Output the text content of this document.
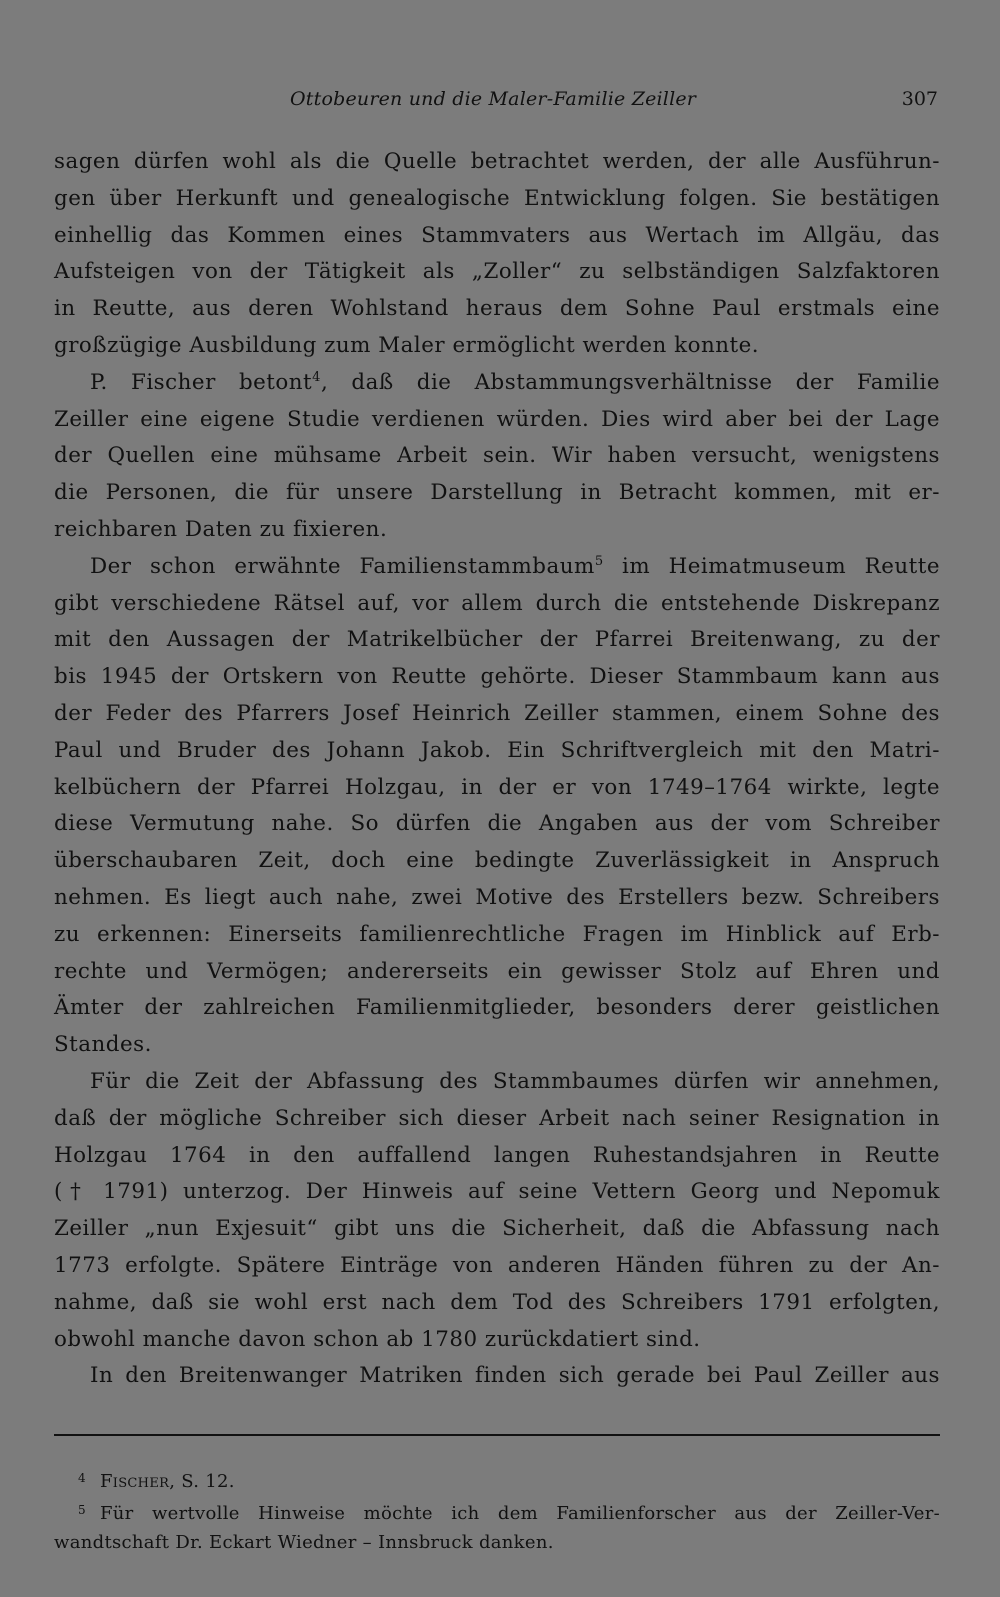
Ottobeuren und die Maler-Familie Zeiller	307
sagen dürfen wohl als die Quelle betrachtet werden, der alle Ausführun-
gen über Herkunft und genealogische Entwicklung folgen. Sie bestätigen
einhellig das Kommen eines Stammvaters aus Wertach im Allgäu, das
Aufsteigen von der Tätigkeit als „Zoller“ zu selbständigen Salzfaktoren
in Reutte, aus deren Wohlstand heraus dem Sohne Paul erstmals eine
großzügige Ausbildung zum Maler ermöglicht werden konnte.
P. Fischer betont$^4$, daß die Abstammungsverhältnisse der Familie
Zeiller eine eigene Studie verdienen würden. Dies wird aber bei der Lage
der Quellen eine mühsame Arbeit sein. Wir haben versucht, wenigstens
die Personen, die für unsere Darstellung in Betracht kommen, mit er-
reichbaren Daten zu fixieren.
Der schon erwähnte Familienstammbaum$^5$ im Heimatmuseum Reutte
gibt verschiedene Rätsel auf, vor allem durch die entstehende Diskrepanz
mit den Aussagen der Matrikelbücher der Pfarrei Breitenwang, zu der
bis 1945 der Ortskern von Reutte gehörte. Dieser Stammbaum kann aus
der Feder des Pfarrers Josef Heinrich Zeiller stammen, einem Sohne des
Paul und Bruder des Johann Jakob. Ein Schriftvergleich mit den Matri-
kelbüchern der Pfarrei Holzgau, in der er von 1749–1764 wirkte, legte
diese Vermutung nahe. So dürfen die Angaben aus der vom Schreiber
überschaubaren Zeit, doch eine bedingte Zuverlässigkeit in Anspruch
nehmen. Es liegt auch nahe, zwei Motive des Erstellers bezw. Schreibers
zu erkennen: Einerseits familienrechtliche Fragen im Hinblick auf Erb-
rechte und Vermögen; andererseits ein gewisser Stolz auf Ehren und
Ämter der zahlreichen Familienmitglieder, besonders derer geistlichen
Standes.
Für die Zeit der Abfassung des Stammbaumes dürfen wir annehmen,
daß der mögliche Schreiber sich dieser Arbeit nach seiner Resignation in
Holzgau 1764 in den auffallend langen Ruhestandsjahren in Reutte
(† 1791) unterzog. Der Hinweis auf seine Vettern Georg und Nepomuk
Zeiller „nun Exjesuit“ gibt uns die Sicherheit, daß die Abfassung nach
1773 erfolgte. Spätere Einträge von anderen Händen führen zu der An-
nahme, daß sie wohl erst nach dem Tod des Schreibers 1791 erfolgten,
obwohl manche davon schon ab 1780 zurückdatiert sind.
In den Breitenwanger Matriken finden sich gerade bei Paul Zeiller aus
4 Fischer, S. 12.
5 Für wertvolle Hinweise möchte ich dem Familienforscher aus der Zeiller-Ver-
wandtschaft Dr. Eckart Wiedner – Innsbruck danken.
